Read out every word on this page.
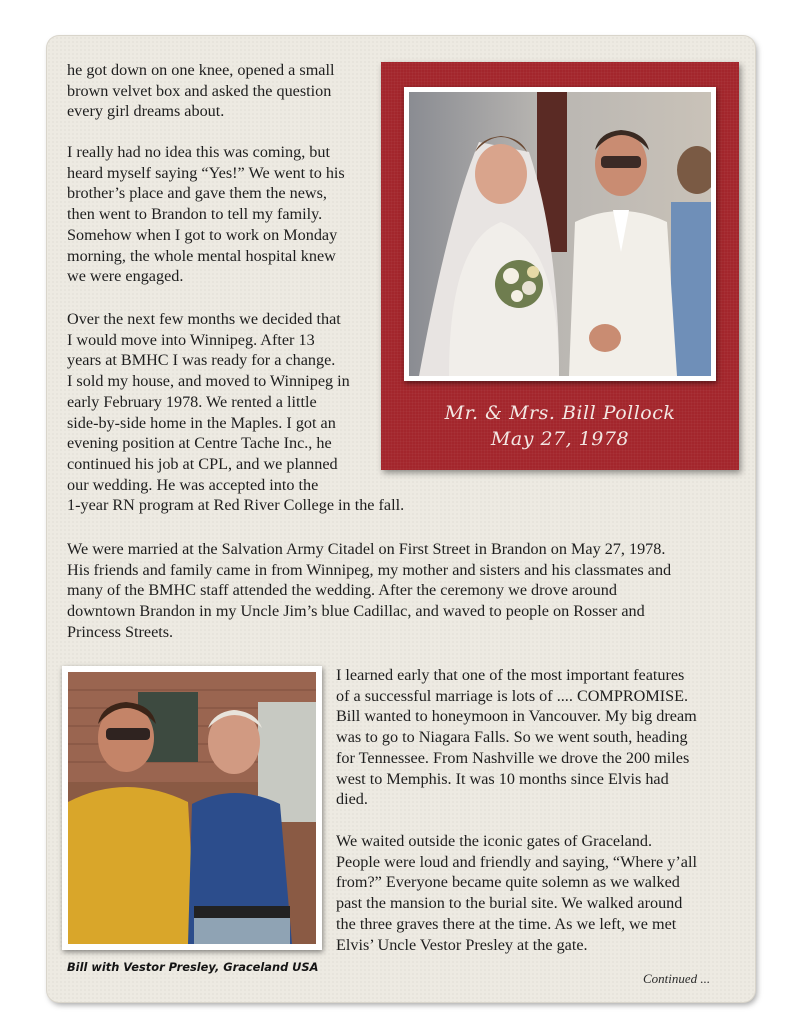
he got down on one knee, opened a small
brown velvet box and asked the question
every girl dreams about.
I really had no idea this was coming, but
heard myself saying “Yes!” We went to his
brother’s place and gave them the news,
then went to Brandon to tell my family.
Somehow when I got to work on Monday
morning, the whole mental hospital knew
we were engaged.
Over the next few months we decided that
I would move into Winnipeg. After 13
years at BMHC I was ready for a change.
I sold my house, and moved to Winnipeg in
early February 1978. We rented a little
side-by-side home in the Maples. I got an
evening position at Centre Tache Inc., he
continued his job at CPL, and we planned
our wedding. He was accepted into the
1-year RN program at Red River College in the fall.
We were married at the Salvation Army Citadel on First Street in Brandon on May 27, 1978.
His friends and family came in from Winnipeg, my mother and sisters and his classmates and
many of the BMHC staff attended the wedding. After the ceremony we drove around
downtown Brandon in my Uncle Jim’s blue Cadillac, and waved to people on Rosser and
Princess Streets.
I learned early that one of the most important features
of a successful marriage is lots of .... COMPROMISE.
Bill wanted to honeymoon in Vancouver. My big dream
was to go to Niagara Falls. So we went south, heading
for Tennessee. From Nashville we drove the 200 miles
west to Memphis. It was 10 months since Elvis had
died.
We waited outside the iconic gates of Graceland.
People were loud and friendly and saying, “Where y’all
from?” Everyone became quite solemn as we walked
past the mansion to the burial site. We walked around
the three graves there at the time. As we left, we met
Elvis’ Uncle Vestor Presley at the gate.
Mr. & Mrs. Bill Pollock
May 27, 1978

Bill with Vestor Presley, Graceland USA

Continued ...
